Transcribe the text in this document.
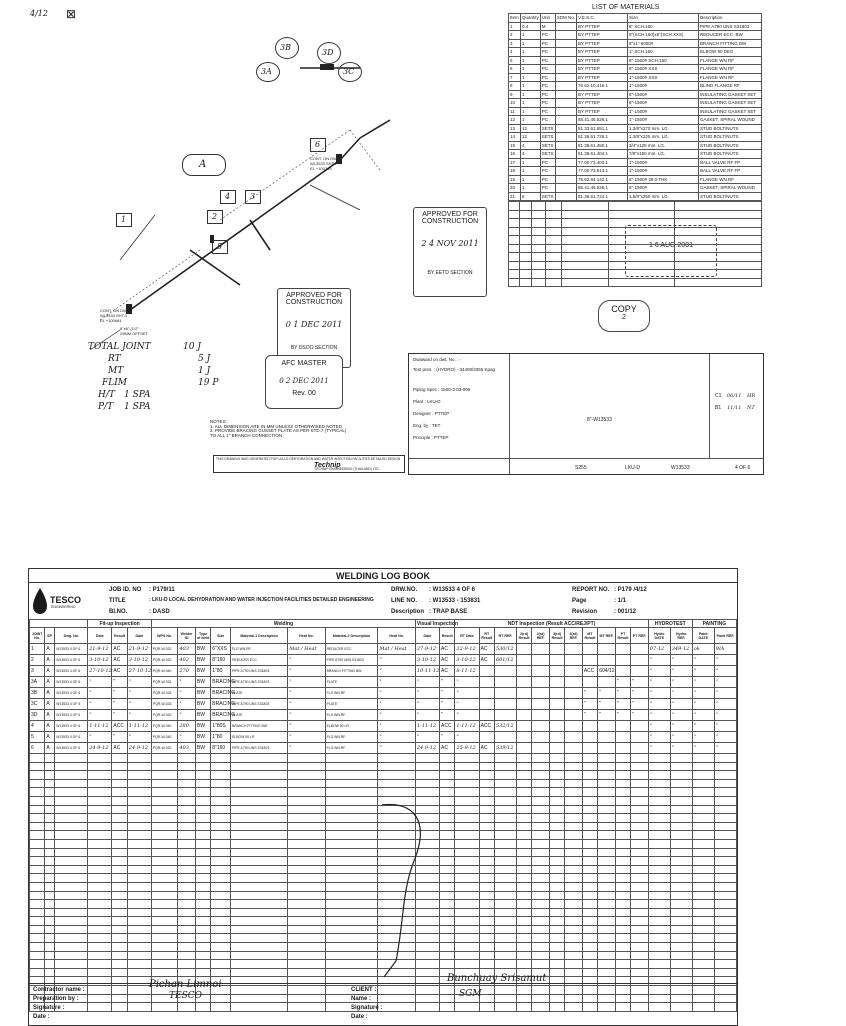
4/12 ⊠
CONT. ON DWG.
W13533 SHT.3
EL +100684
CONT. ON DWG.
W13533 SHT.1
EL +100745
8"x6" (1/2"
29MM OFFSET
3B
3D
3A	3C
A
1	2
3
4
5
6
APPROVED FOR
CONSTRUCTION
2 4 NOV 2011
BY EETD SECTION
APPROVED FOR
CONSTRUCTION
0 1 DEC 2011
BY DSOO SECTION
AFC MASTER
0 2 DEC 2011
Rev. 00
COPY
2
1 6 AUG 2001
NOTES:
1. ALL DIMENSION ARE IN MM UNLESS OTHERWISED NOTED.
2. PROVIDE BRACING GUSSET PLATE AS PER STD.7 (TYPICAL)
TO ALL 1" BRANCH CONNECTION.
TOTAL JOINT	10 J
RT	5 J
MT	1 J
FLIM	19 P
H/T 1 SPA
P/T 1 SPA
LIST OF MATERIALS
Item	Quantity	Unit	SDM No.	V.E.S.C.	Size	Description
1	0.4	M		BY PTTEP	8" SCH.160	PIPE A790 UNS S31803
2	1	PC		BY PTTEP	8"(SCH.160)x6"(SCH.XXS)	REDUCER ECC. BW
3	1	PC		BY PTTEP	8"x1" 6000#	BRANCH FITTING BW
4	1	PC		BY PTTEP	1" SCH.160	ELBOW 90 DEG
5	1	PC		BY PTTEP	6"-1500# SCH.160	FLANGE WN RF
6	1	PC		BY PTTEP	6"-1500# XXS	FLANGE WN RF
7	1	PC		BY PTTEP	1"-1500# XXS	FLANGE WN RF
8	1	PC		76.62.10.416.1	1"-1500#	BLIND FLANGE RF
9	1	PC		BY PTTEP	8"-1500#	INSULATING GASKET SET
10	1	PC		BY PTTEP	6"-1500#	INSULATING GASKET SET
11	1	PC		BY PTTEP	1"-1500#	INSULATING GASKET SET
12	1	PC		85.41.46.526.1	1"-1500#	GASKET, SPIRAL WOUND
13	12	SETS		81.33.61.651.1	1.3/8"x270 mm. LG.	STUD BOLT/NUTS
14	12	SETS		81.36.61.726.1	1.3/8"x225 mm. LG.	STUD BOLT/NUTS
15	4	SETS		81.36.61.450.1	3/4"x125 mm. LG.	STUD BOLT/NUTS
16	4	SETS		81.36.61.404.1	7/8"x150 mm. LG.	STUD BOLT/NUTS
17	1	PC		77.00.73.403.1	1"-1500#	BALL VALVE RF FP
18	1	PC		77.00.73.513.1	1"-1500#	BALL VALVE RF FP
19	1	PC		76.62.84.142.1	6"-1500# 29.0 THK	FLANGE WN RF
20	1	PC		85.41.46.526.1	6"-1500#	GASKET, SPIRAL WOUND
21	8	SETS		81.36.61.724.1	1.5/8"x250 mm. LG.	STUD BOLT/NUTS

Dwaward on dwt. No. : -
Test pres. : (HYDRO) - 34408/3355 Kpag
Piping Spec : 1500-3-03-000
Plant : LKU-D
Designer : PTTEP
Eng. by : TET
Principle : PTTEP
8"-W13533
LKU-D	W13533
S255	4 OF 6
C1 06/11 HR
B1 11/11 NT
THIS DRAWING WAS GENERATED FOR LKU-D DEHYDRATION AND WATER INJECTION FACILITIES DETAILED DESIGN
Technip
TECHNIP ENGINEERING (THAILAND) LTD.
WELDING LOG BOOK
TESCO
ENGINEERING
JOB ID. NO : P179/11
TITLE	: LKU-D LOCAL DEHYDRATION AND WATER INJECTION FACILITIES DETAILED ENGINEERING
BI.NO.	: DASD
DRW.NO. : W13533 4 OF 6
LINE NO. : W13533 - 153831
Description : TRAP BASE
REPORT NO. : P179 /4/12
Page	: 1/1
Revision	: 001/12
			Fit-up Inspection			Welding								Visual Inspection		NDT Inspection (Result ACC/REJ/PT)											HYDROTEST		PAINTING	
JOINT No.	SP.	Dwg. No.	Date	Result	Date	WPS No.	Welder ID	Type of weld	Size	Material-1 Description	Heat No.	Material-2 Description	Heat No.	Date	Result	RT Date	RT Result	RT REF.	2(rd) Result	2(rd) REF.	3(rd) Result	3(rd) REF.	MT Result	MT REF.	PT Result	PT REF.	Hydro DATE	Hydro REF.	Paint DATE	Paint REF.
1	A	W13533 4 OF 6	21-9-12	AC	21-9-12	PQR-W-032	403	BW	6"XXS	FLG.WN.RF.	Mat / Heat	REDUCER ECC	Mat / Heat	27-9-12	AC	22-9-12	AC	530/12									07-12	349-12	ok	WA
2	A	W13533 4 OF 6	3-10-12	AC	3-10-12	PQR-W-032	402	BW	8"160	REDUCER ECC.	"	PIPE A790 UNS S31803	"	3-10-12	AC	3-10-12	AC	601/12									"	"	"	"
3	A	W13533 4 OF 6	27-10-12	AC	27-10-12	PQR-W-040	270	BW	1"80	PIPE A790 UNS S31803	"	BRANCH FITTING BW	"	10-11-12	AC	8-11-12							ACC	604/12			"	"	"	"
3A	A	W13533 4 OF 6	"	"	"	PQR-W-032	"	BW	BRACING	PIPE A790 UNS S31803	"	PLATE	"	"	"	"									"	"	"	"	"	"
3B	A	W13533 4 OF 6	"	"	"	PQR-W-033	"	BW	BRACING	PLATE	"	FLG.WN.RF.	"	"	"	"							"	"	"	"	"	"	"	"
3C	A	W13533 4 OF 6	"	"	"	PQR-W-033	"	BW	BRACING	PIPE A790 UNS S31803	"	PLATE	"	"	"	"							"	"	"	"	"	"	"	"
3D	A	W13533 4 OF 6	"	"	"	PQR-W-033	"	BW	BRACING	PLATE	"	FLG.WN.RF.	"	"	"	"							"	"	"	"	"	"	"	"
4	A	W13533 4 OF 6	1-11-12	ACC	1-11-12	PQR-W-040	280	BW	1"80S	BRANCH FITTING BW	"	ELBOW 90 LR	"	1-11-12	ACC	1-11-12	ACC	532/12									"	"	"	"
5	A	W13533 4 OF 6	"	"	"	PQR-W-040	"	BW	1"80	ELBOW 90 LR	"	FLG.WN.RF.	"	"	"	"											"	"	"	"
6	A	W13533 4 OF 6	24-9-12	AC	24-9-12	PQR-W-032	403	BW	8"160	PIPE A790 UNS S31803	"	FLG.WN.RF.	"	24-9-12	AC	25-9-12	AC	539/12									"	"	"	"

Contractor name :
Preparation by :
Signature :
Date :
CLIENT :
Name :
Signature :
Date :
Pichan Limnoi
TESCO
Bunchuay Srisamut
SGM
